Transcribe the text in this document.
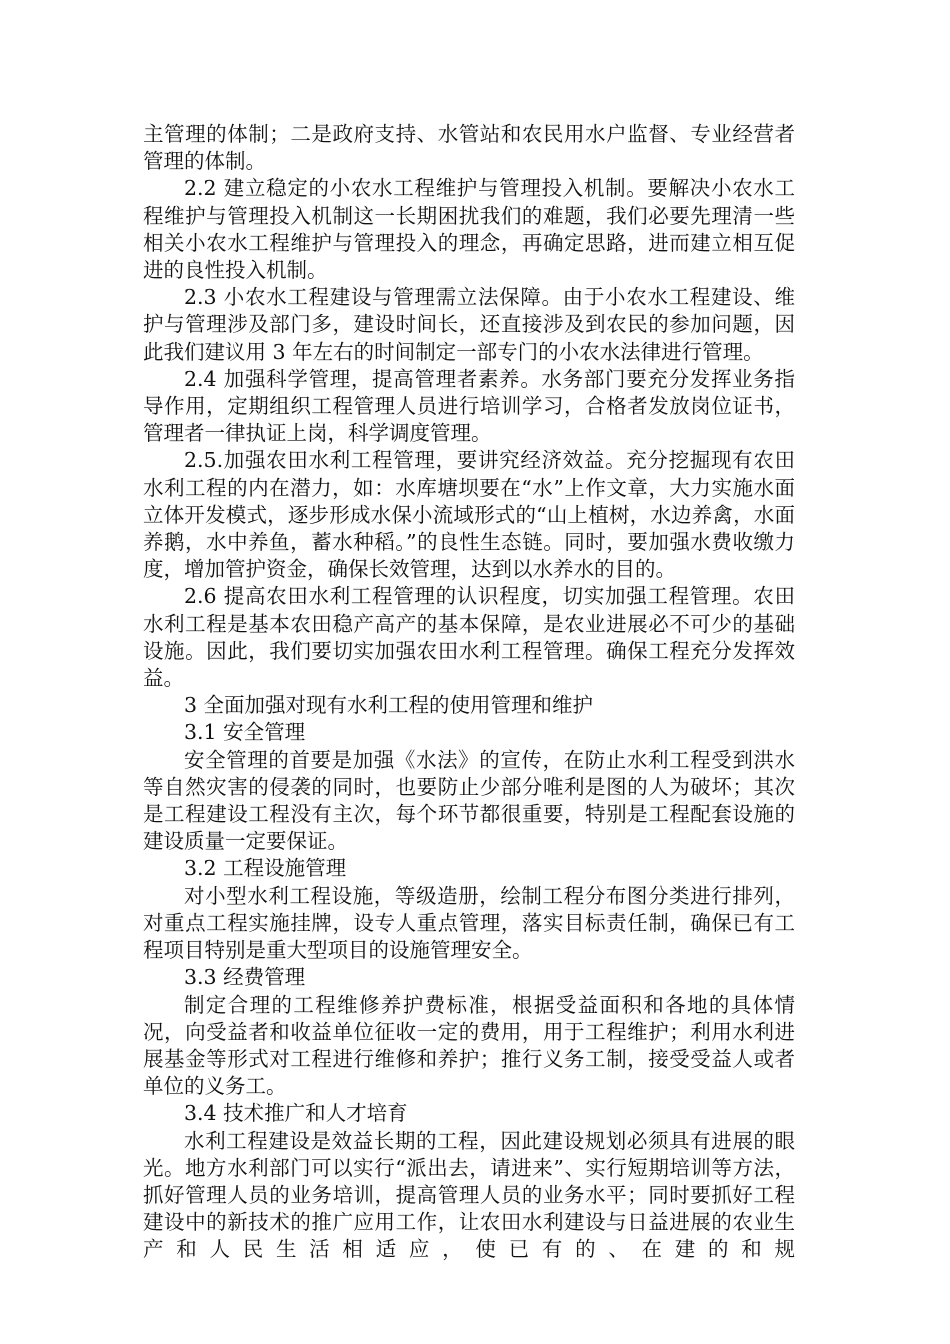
主管理的体制；二是政府支持、水管站和农民用水户监督、专业经营者管理的体制。

2.2 建立稳定的小农水工程维护与管理投入机制。要解决小农水工程维护与管理投入机制这一长期困扰我们的难题，我们必要先理清一些相关小农水工程维护与管理投入的理念，再确定思路，进而建立相互促进的良性投入机制。

2.3 小农水工程建设与管理需立法保障。由于小农水工程建设、维护与管理涉及部门多，建设时间长，还直接涉及到农民的参加问题，因此我们建议用 3 年左右的时间制定一部专门的小农水法律进行管理。

2.4 加强科学管理，提高管理者素养。水务部门要充分发挥业务指导作用，定期组织工程管理人员进行培训学习，合格者发放岗位证书，管理者一律执证上岗，科学调度管理。

2.5.加强农田水利工程管理，要讲究经济效益。充分挖掘现有农田水利工程的内在潜力，如：水库塘坝要在“水”上作文章，大力实施水面立体开发模式，逐步形成水保小流域形式的“山上植树，水边养禽，水面养鹅，水中养鱼，蓄水种稻。”的良性生态链。同时，要加强水费收缴力度，增加管护资金，确保长效管理，达到以水养水的目的。

2.6 提高农田水利工程管理的认识程度，切实加强工程管理。农田水利工程是基本农田稳产高产的基本保障，是农业进展必不可少的基础设施。因此，我们要切实加强农田水利工程管理。确保工程充分发挥效益。

3 全面加强对现有水利工程的使用管理和维护

3.1 安全管理

安全管理的首要是加强《水法》的宣传，在防止水利工程受到洪水等自然灾害的侵袭的同时，也要防止少部分唯利是图的人为破坏；其次是工程建设工程没有主次，每个环节都很重要，特别是工程配套设施的建设质量一定要保证。

3.2 工程设施管理

对小型水利工程设施，等级造册，绘制工程分布图分类进行排列，对重点工程实施挂牌，设专人重点管理，落实目标责任制，确保已有工程项目特别是重大型项目的设施管理安全。

3.3 经费管理

制定合理的工程维修养护费标准，根据受益面积和各地的具体情况，向受益者和收益单位征收一定的费用，用于工程维护；利用水利进展基金等形式对工程进行维修和养护；推行义务工制，接受受益人或者单位的义务工。

3.4 技术推广和人才培育

水利工程建设是效益长期的工程，因此建设规划必须具有进展的眼光。地方水利部门可以实行“派出去，请进来”、实行短期培训等方法，抓好管理人员的业务培训，提高管理人员的业务水平；同时要抓好工程建设中的新技术的推广应用工作，让农田水利建设与日益进展的农业生产和人民生活相适应，使已有的、在建的和规
